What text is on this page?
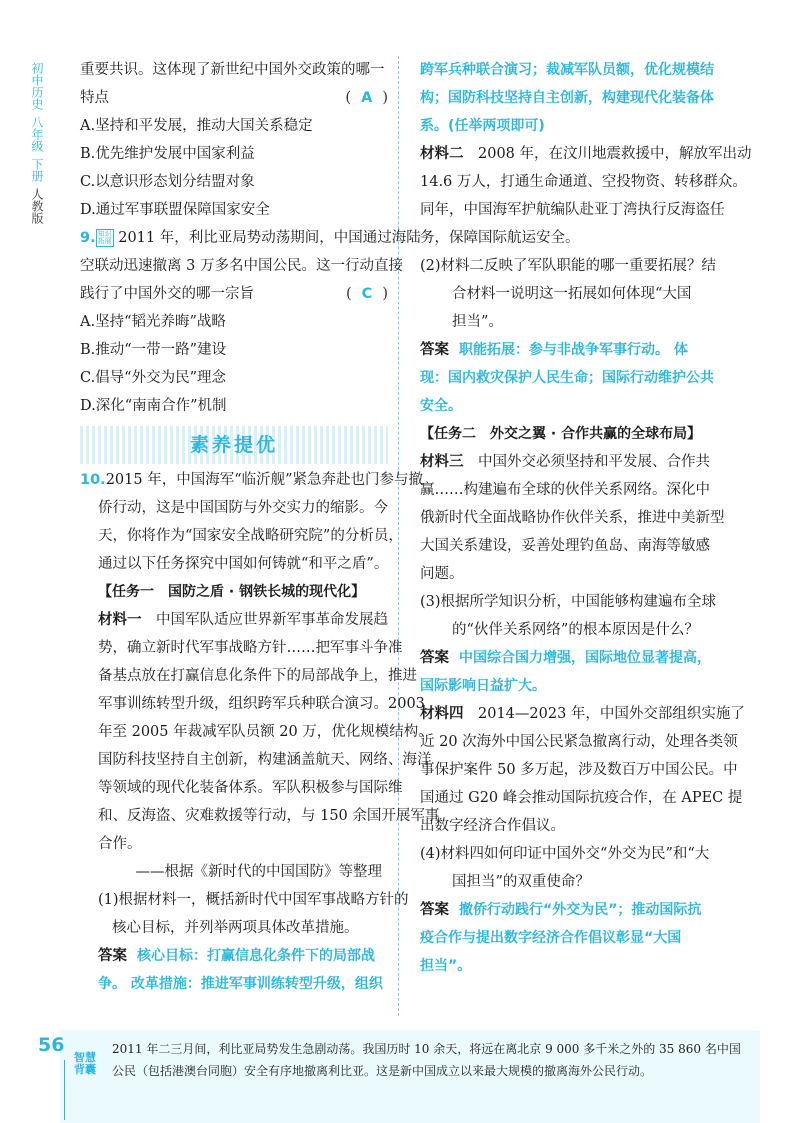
初中历史
八年级
下册
人教版
重要共识。这体现了新世纪中国外交政策的哪一
特点	( A )
A.坚持和平发展，推动大国关系稳定
B.优先维护发展中国家利益
C.以意识形态划分结盟对象
D.通过军事联盟保障国家安全
9. 知识
拓展 2011 年，利比亚局势动荡期间，中国通过海陆
空联动迅速撤离 3 万多名中国公民。这一行动直接
践行了中国外交的哪一宗旨	( C )
A.坚持“韬光养晦”战略
B.推动“一带一路”建设
C.倡导“外交为民”理念
D.深化“南南合作”机制
素养提优
10.2015 年，中国海军“临沂舰”紧急奔赴也门参与撤
侨行动，这是中国国防与外交实力的缩影。今
天，你将作为“国家安全战略研究院”的分析员，
通过以下任务探究中国如何铸就“和平之盾”。
【任务一　国防之盾 · 钢铁长城的现代化】
材料一　 中国军队适应世界新军事革命发展趋
势，确立新时代军事战略方针……把军事斗争准
备基点放在打赢信息化条件下的局部战争上，推进
军事训练转型升级，组织跨军兵种联合演习。2003
年至 2005 年裁减军队员额 20 万，优化规模结构。
国防科技坚持自主创新，构建涵盖航天、网络、海洋
等领域的现代化装备体系。军队积极参与国际维
和、反海盗、灾难救援等行动，与 150 余国开展军事
合作。
——根据《新时代的中国国防》等整理
(1)根据材料一，概括新时代中国军事战略方针的
核心目标，并列举两项具体改革措施。
答案 核心目标：打赢信息化条件下的局部战
争。 改革措施：推进军事训练转型升级，组织
跨军兵种联合演习；裁减军队员额，优化规模结
构；国防科技坚持自主创新，构建现代化装备体
系。(任举两项即可)
材料二　 2008 年，在汶川地震救援中，解放军出动
14.6 万人，打通生命通道、空投物资、转移群众。
同年，中国海军护航编队赴亚丁湾执行反海盗任
务，保障国际航运安全。
(2)材料二反映了军队职能的哪一重要拓展？结
合材料一说明这一拓展如何体现“大国
担当”。
答案 职能拓展：参与非战争军事行动。 体
现：国内救灾保护人民生命；国际行动维护公共
安全。
【任务二　外交之翼 · 合作共赢的全球布局】
材料三　 中国外交必须坚持和平发展、合作共
赢……构建遍布全球的伙伴关系网络。深化中
俄新时代全面战略协作伙伴关系，推进中美新型
大国关系建设，妥善处理钓鱼岛、南海等敏感
问题。
(3)根据所学知识分析，中国能够构建遍布全球
的“伙伴关系网络”的根本原因是什么？
答案 中国综合国力增强，国际地位显著提高，
国际影响日益扩大。
材料四　 2014—2023 年，中国外交部组织实施了
近 20 次海外中国公民紧急撤离行动，处理各类领
事保护案件 50 多万起，涉及数百万中国公民。中
国通过 G20 峰会推动国际抗疫合作，在 APEC 提
出数字经济合作倡议。
(4)材料四如何印证中国外交“外交为民”和“大
国担当”的双重使命？
答案 撤侨行动践行“外交为民”；推动国际抗
疫合作与提出数字经济合作倡议彰显“大国
担当”。
56
智慧
背囊
2011 年二三月间，利比亚局势发生急剧动荡。我国历时 10 余天，将远在离北京 9 000 多千米之外的 35 860 名中国
公民（包括港澳台同胞）安全有序地撤离利比亚。这是新中国成立以来最大规模的撤离海外公民行动。
